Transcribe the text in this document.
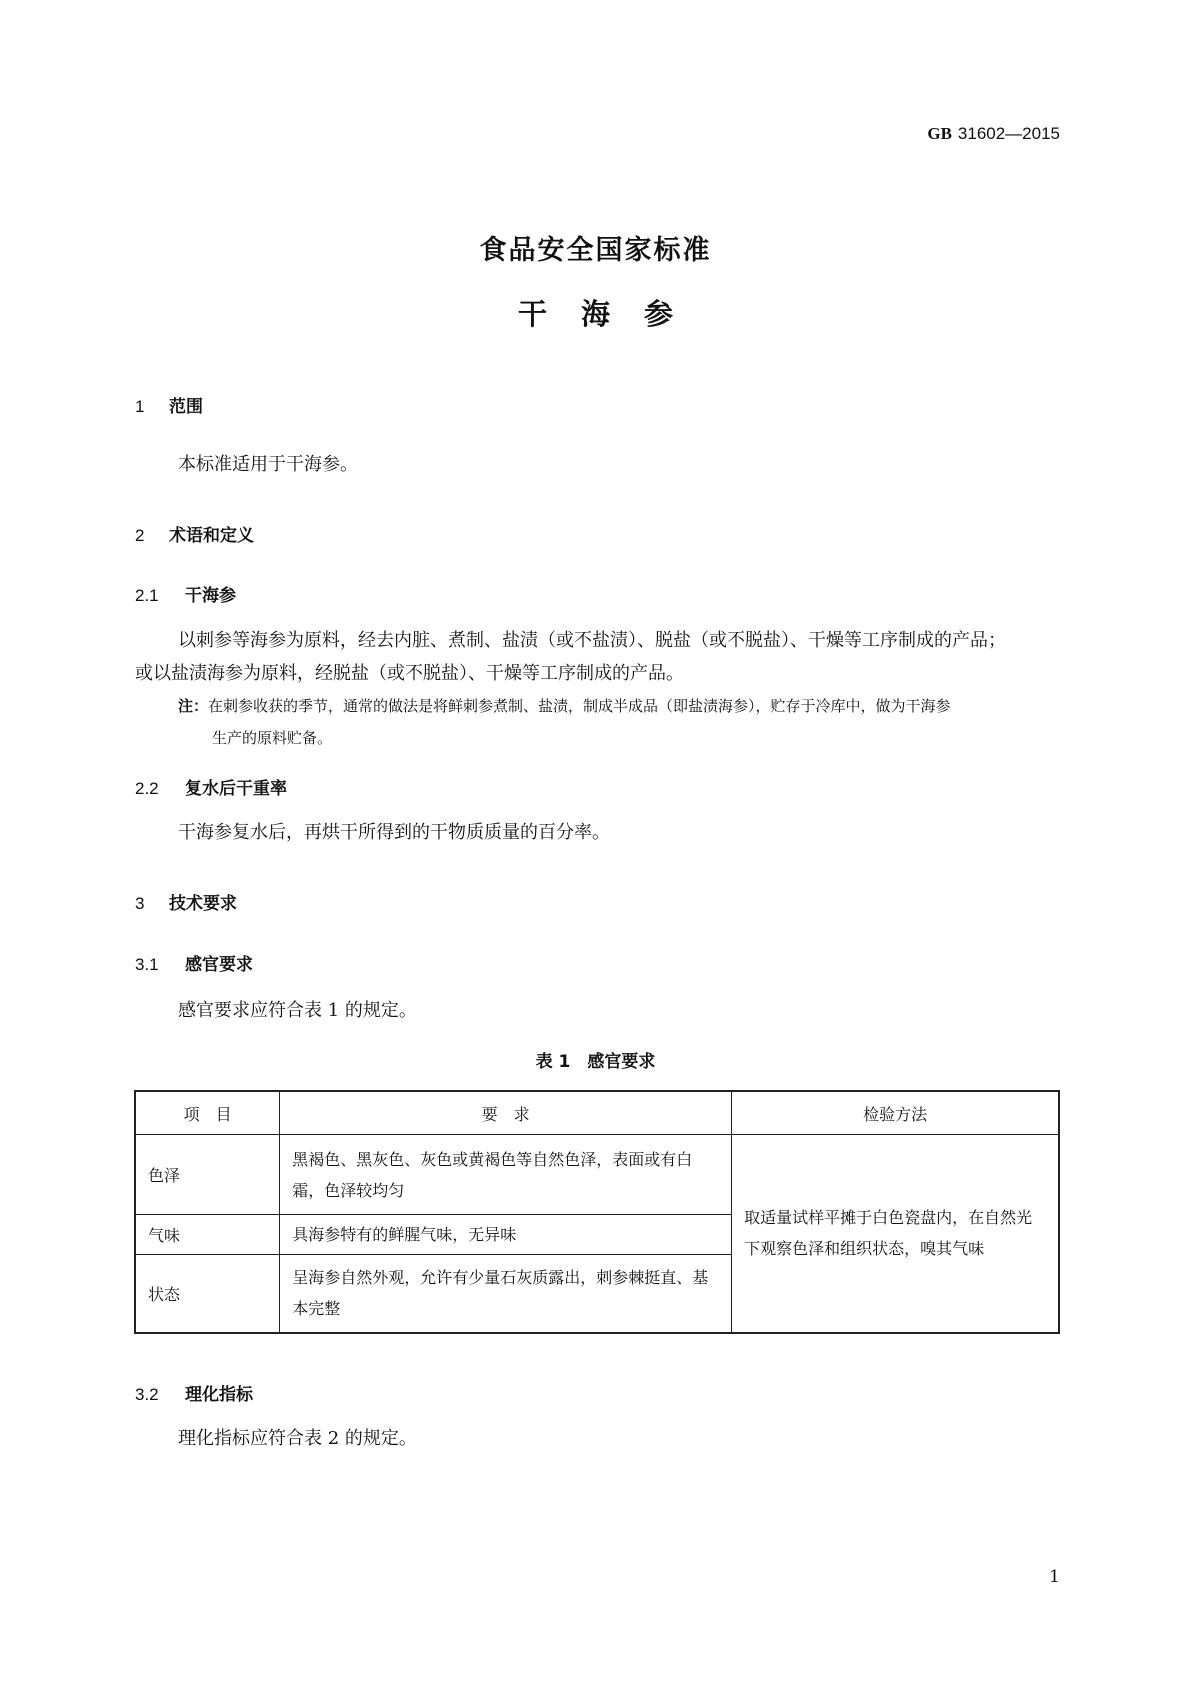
GB 31602—2015
食品安全国家标准
干海参
1 范围
本标准适用于干海参。
2 术语和定义
2.1 干海参
以刺参等海参为原料，经去内脏、煮制、盐渍（或不盐渍）、脱盐（或不脱盐）、干燥等工序制成的产品；
或以盐渍海参为原料，经脱盐（或不脱盐）、干燥等工序制成的产品。
注：在刺参收获的季节，通常的做法是将鲜刺参煮制、盐渍，制成半成品（即盐渍海参），贮存于冷库中，做为干海参
生产的原料贮备。
2.2 复水后干重率
干海参复水后，再烘干所得到的干物质质量的百分率。
3 技术要求
3.1 感官要求
感官要求应符合表 1 的规定。
表 1　感官要求
项　目	要　求	检验方法
色泽	黑褐色、黑灰色、灰色或黄褐色等自然色泽，表面或有白霜，色泽较均匀	取适量试样平摊于白色瓷盘内，在自然光下观察色泽和组织状态，嗅其气味
气味	具海参特有的鲜腥气味，无异味	
状态	呈海参自然外观，允许有少量石灰质露出，刺参棘挺直、基本完整	
3.2 理化指标
理化指标应符合表 2 的规定。
1
